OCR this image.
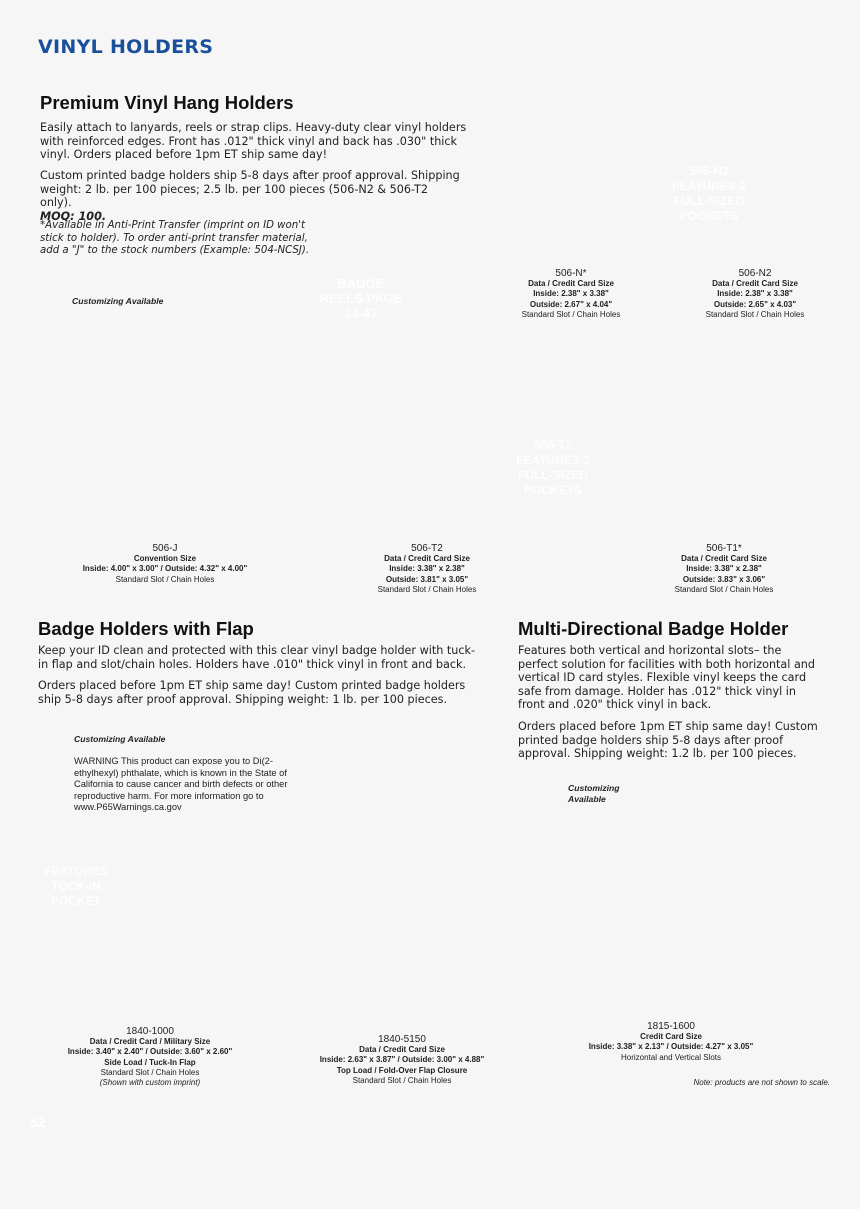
VINYL HOLDERS
Premium Vinyl Hang Holders

Easily attach to lanyards, reels or strap clips. Heavy-duty clear vinyl holders with reinforced edges. Front has .012" thick vinyl and back has .030" thick vinyl. Orders placed before 1pm ET ship same day!

Custom printed badge holders ship 5-8 days after proof approval. Shipping weight: 2 lb. per 100 pieces; 2.5 lb. per 100 pieces (506-N2 & 506-T2 only).

MOQ: 100.

*Available in Anti-Print Transfer (imprint on ID won't stick to holder). To order anti-print transfer material, add a "J" to the stock numbers (Example: 504-NCSJ).
Customizing Available
BADGE REELS PAGE 34-47
506-N2 FEATURES 2 FULL-SIZED POCKETS
506-T2 FEATURES 2 FULL-SIZED POCKETS
FEATURES TUCK-IN POCKET
506-N*
Data / Credit Card Size
Inside: 2.38" x 3.38"
Outside: 2.67" x 4.04"
Standard Slot / Chain Holes
506-N2
Data / Credit Card Size
Inside: 2.38" x 3.38"
Outside: 2.65" x 4.03"
Standard Slot / Chain Holes
506-J
Convention Size
Inside: 4.00" x 3.00" / Outside: 4.32" x 4.00"
Standard Slot / Chain Holes
506-T2
Data / Credit Card Size
Inside: 3.38" x 2.38"
Outside: 3.81" x 3.05"
Standard Slot / Chain Holes
506-T1*
Data / Credit Card Size
Inside: 3.38" x 2.38"
Outside: 3.83" x 3.06"
Standard Slot / Chain Holes
Badge Holders with Flap

Keep your ID clean and protected with this clear vinyl badge holder with tuck-in flap and slot/chain holes. Holders have .010" thick vinyl in front and back.

Orders placed before 1pm ET ship same day! Custom printed badge holders ship 5-8 days after proof approval. Shipping weight: 1 lb. per 100 pieces.

Customizing Available
WARNING This product can expose you to Di(2-ethylhexyl) phthalate, which is known in the State of California to cause cancer and birth defects or other reproductive harm. For more information go to www.P65Warnings.ca.gov
Multi-Directional Badge Holder

Features both vertical and horizontal slots– the perfect solution for facilities with both horizontal and vertical ID card styles. Flexible vinyl keeps the card safe from damage. Holder has .012" thick vinyl in front and .020" thick vinyl in back.

Orders placed before 1pm ET ship same day! Custom printed badge holders ship 5-8 days after proof approval. Shipping weight: 1.2 lb. per 100 pieces.

Customizing
Available
1840-1000
Data / Credit Card / Military Size
Inside: 3.40" x 2.40" / Outside: 3.60" x 2.60"
Side Load / Tuck-In Flap
Standard Slot / Chain Holes
(Shown with custom imprint)
1840-5150
Data / Credit Card Size
Inside: 2.63" x 3.87" / Outside: 3.00" x 4.88"
Top Load / Fold-Over Flap Closure
Standard Slot / Chain Holes
1815-1600
Credit Card Size
Inside: 3.38" x 2.13" / Outside: 4.27" x 3.05"
Horizontal and Vertical Slots
Note: products are not shown to scale.
52
